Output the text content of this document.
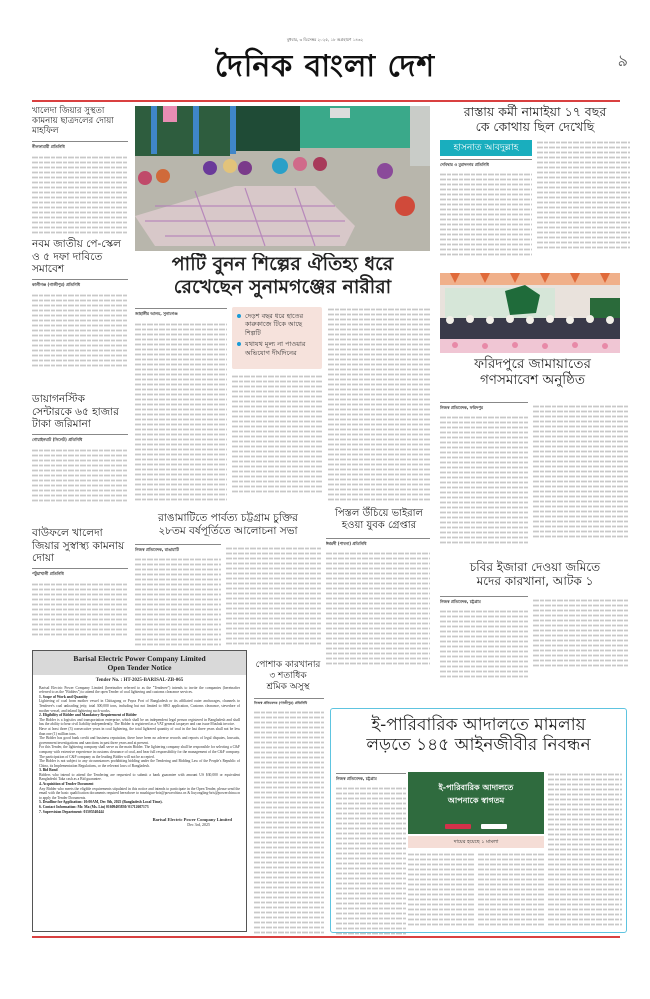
বুধবার, ৩ ডিসেম্বর ২০২৫, ১৮ অগ্রহায়ণ ১৪৩২
দৈনিক বাংলা দেশ	৯
খালেদা জিয়ার সুস্থতা কামনায় ছাত্রদলের দোয়া মাহফিল
নীলফামারী প্রতিনিধি
নবম জাতীয় পে-স্কেল ও ৫ দফা দাবিতে সমাবেশ
কালীগঞ্জ (গাজীপুর) প্রতিনিধি
ডায়াগনস্টিক সেন্টারকে ৬৫ হাজার টাকা জরিমানা
গোয়াইনঘাট (সিলেট) প্রতিনিধি
বাউফলে খালেদা জিয়ার সুস্বাস্থ্য কামনায় দোয়া
পটুয়াখালী প্রতিনিধি
পাটি বুনন শিল্পের ঐতিহ্য ধরে
রেখেছেন সুনামগঞ্জের নারীরা
জাহাঙ্গীর আলম, সুনামগঞ্জ	দেড়শ বছর ধরে হাতের কারুকাজে টিকে আছে শিল্পটি
যথাযথ মূল্য না পাওয়ার অভিযোগ দীর্ঘদিনের
রাস্তায় কর্মী নামাইয়া ১৭ বছর
কে কোথায় ছিল দেখেছি
হাসনাত আবদুল্লাহ
দেবিদ্বার ও মুরাদনগর প্রতিনিধি
ফরিদপুরে জামায়াতের
গণসমাবেশ অনুষ্ঠিত
নিজস্ব প্রতিবেদক, ফরিদপুর
রাঙামাটিতে পার্বত্য চট্টগ্রাম চুক্তির
২৮তম বর্ষপূর্তিতে আলোচনা সভা
নিজস্ব প্রতিবেদক, রাঙামাটি
পিস্তল উঁচিয়ে ভাইরাল
হওয়া যুবক গ্রেপ্তার
ঈশ্বরদী (পাবনা) প্রতিনিধি
চবির ইজারা দেওয়া জমিতে
মদের কারখানা, আটক ১
নিজস্ব প্রতিবেদক, চট্টগ্রাম
পোশাক কারখানার
৩ শতাধিক
শ্রমিক অসুস্থ
নিজস্ব প্রতিবেদক (গাজীপুর) প্রতিনিধি
Barisal Electric Power Company Limited
Open Tender Notice
Tender No. : HT-2025-BARISAL-ZB-065

Barisal Electric Power Company Limited (hereinafter referred to as the "Tenderee") intends to invite the companies (hereinafter referred to as the "Bidders") to attend the open Tender of coal lightering and customs clearance services.

1. Scope of Work and Quantity

Lightering of coal from mother vessel in Chittagong or Payra Port of Bangladesh or its affiliated outer anchorages, channels to Tenderee's coal unloading jetty, total 300,000 tons, including but not limited to SRO application, Customs clearance, stevedore of mother vessel, and inland lightering such works.

2. Eligibility of Bidder and Mandatory Requirement of Bidder

The Bidder is a logistics and transportation enterprise, which shall be an independent legal person registered in Bangladesh and shall has the ability to bear civil liability independently. The Bidder is registered as a VAT general taxpayer and can issue Mushak invoice.

Have at least three (3) consecutive years in coal lightering, the total lightered quantity of coal in the last three years shall not be less than one (1) million tons.

The Bidder has good bank credit and business reputation, there have been no adverse records and reports of legal disputes, lawsuits, government investigations and sanctions in past three years and at present.

For this Tender, the lightering company shall serve as the main Bidder. The lightering company shall be responsible for selecting a C&F company with extensive experience in customs clearance of coal, and bear full responsibility for the management of the C&F company. The participation of C&F company as the leading Bidder will not be accepted.

The Bidder is not subject to any circumstances prohibiting bidding under the Tendering and Bidding Law of the People's Republic of China, its Implementation Regulations, or the relevant laws of Bangladesh.

3. Bid Bond

Bidders who intend to attend the Tendering are requested to submit a bank guarantee with amount US $30,000 or equivalent Bangladeshi Taka cash as a Bid guarantee.

4. Acquisition of Tender Document

Any Bidder who meets the eligible requirements stipulated in this notice and intends to participate in the Open Tender, please send the email with the basic qualification documents required hereabove to mazhiguo-bris@powerchina.cn & liuyongling-bris@powerchina.cn to apply the Tender Documents.

5. Deadline for Application: 10:00AM, Dec 8th, 2025 (Bangladesh Local Time).

6. Contact Information: Mr. Ma (Ms. Liu) 01609405830/ 01712607173

7. Supervision Department: 01505540444

Barisal Electric Power Company Limited
Dec 3rd, 2025
ই-পারিবারিক আদালতে মামলায়
লড়তে ১৪৫ আইনজীবীর নিবন্ধন
নিজস্ব প্রতিবেদক, চট্টগ্রাম
ই-পারিবারিক আদালতে
আপনাকে স্বাগতম

দায়ের হয়েছে ১ মামলা
